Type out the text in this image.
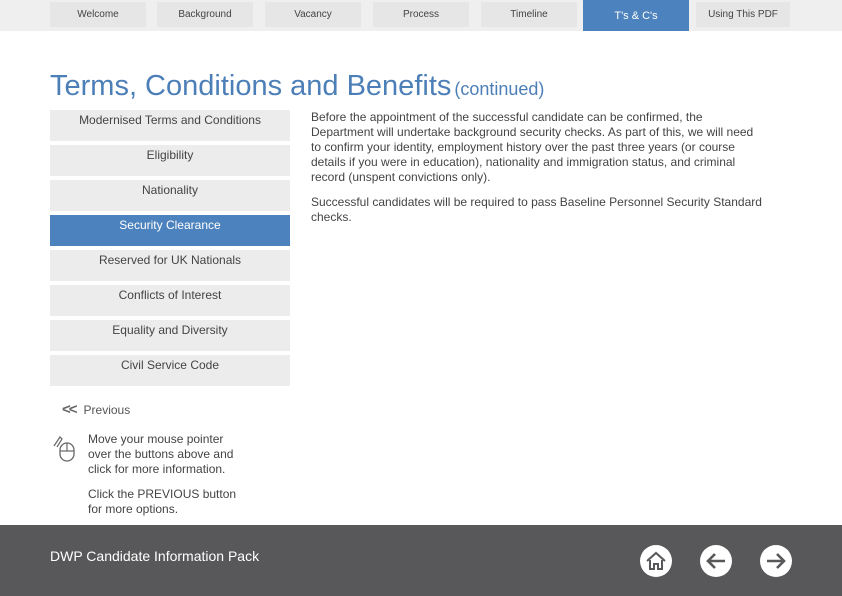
Welcome	Background	Vacancy	Process	Timeline	T's & C's	Using This PDF
Terms, Conditions and Benefits (continued)
Modernised Terms and Conditions
Eligibility
Nationality
Security Clearance
Reserved for UK Nationals
Conflicts of Interest
Equality and Diversity
Civil Service Code
<< Previous
Move your mouse pointer over the buttons above and click for more information.
Click the PREVIOUS button for more options.

Before the appointment of the successful candidate can be confirmed, the Department will undertake background security checks. As part of this, we will need to confirm your identity, employment history over the past three years (or course details if you were in education), nationality and immigration status, and criminal record (unspent convictions only).

Successful candidates will be required to pass Baseline Personnel Security Standard checks.

DWP Candidate Information Pack
